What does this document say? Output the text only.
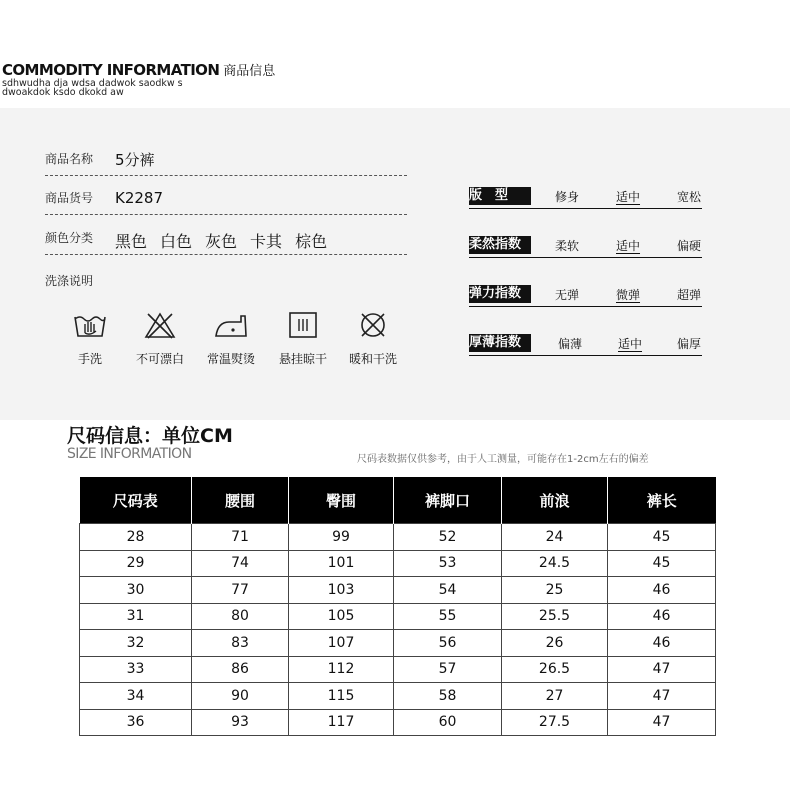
COMMODITY INFORMATION 商品信息
sdhwudha dja wdsa dadwok saodkw s
dwoakdok ksdo dkokd aw
商品名称 5分裤
商品货号 K2287
颜色分类 黑色 白色 灰色 卡其 棕色
洗涤说明
手洗	不可漂白	常温熨烫	悬挂晾干	暖和干洗
版　型	修身	适中	宽松
柔然指数	柔软	适中	偏硬
弹力指数	无弹	微弹	超弹
厚薄指数	偏薄	适中	偏厚
尺码信息：单位CM
SIZE INFORMATION	尺码表数据仅供参考，由于人工测量，可能存在1-2cm左右的偏差
尺码表	腰围	臀围	裤脚口	前浪	裤长
28	71	99	52	24	45
29	74	101	53	24.5	45
30	77	103	54	25	46
31	80	105	55	25.5	46
32	83	107	56	26	46
33	86	112	57	26.5	47
34	90	115	58	27	47
36	93	117	60	27.5	47
